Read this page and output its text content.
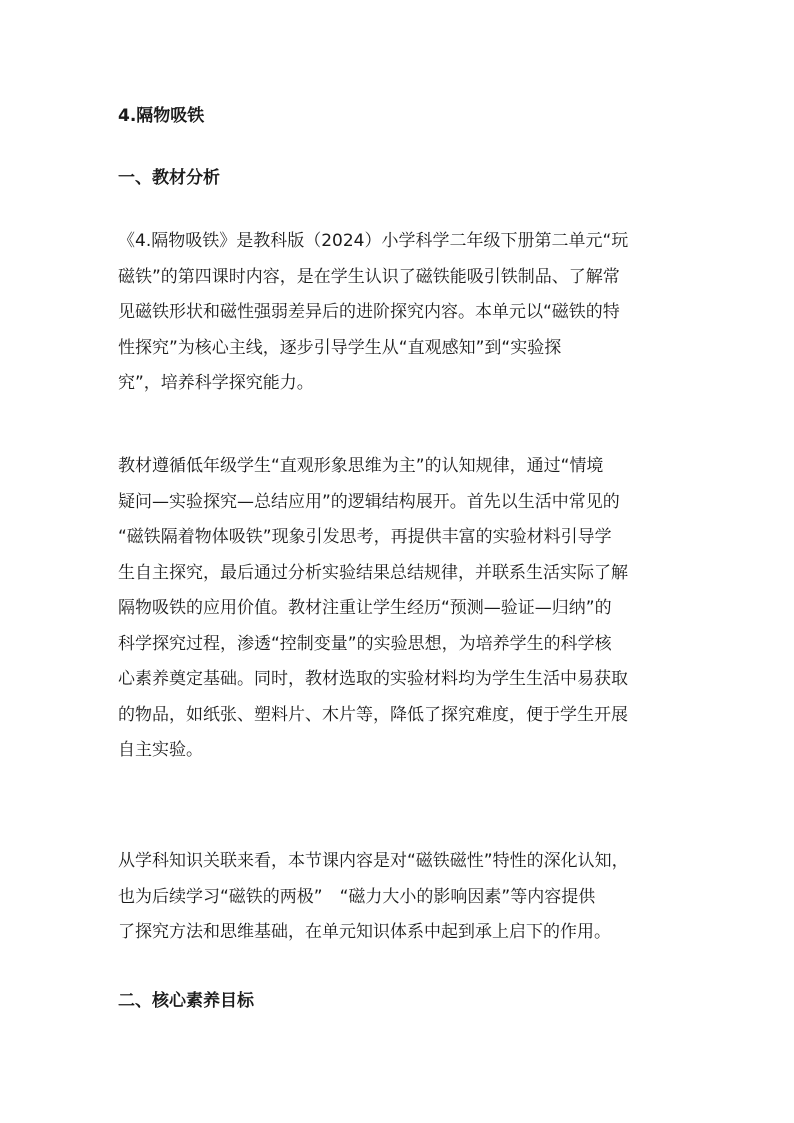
4.隔物吸铁
一、教材分析

《4.隔物吸铁》是教科版（2024）小学科学二年级下册第二单元“玩
磁铁”的第四课时内容，是在学生认识了磁铁能吸引铁制品、了解常
见磁铁形状和磁性强弱差异后的进阶探究内容。本单元以“磁铁的特
性探究”为核心主线，逐步引导学生从“直观感知”到“实验探
究”，培养科学探究能力。

教材遵循低年级学生“直观形象思维为主”的认知规律，通过“情境
疑问—实验探究—总结应用”的逻辑结构展开。首先以生活中常见的
“磁铁隔着物体吸铁”现象引发思考，再提供丰富的实验材料引导学
生自主探究，最后通过分析实验结果总结规律，并联系生活实际了解
隔物吸铁的应用价值。教材注重让学生经历“预测—验证—归纳”的
科学探究过程，渗透“控制变量”的实验思想，为培养学生的科学核
心素养奠定基础。同时，教材选取的实验材料均为学生生活中易获取
的物品，如纸张、塑料片、木片等，降低了探究难度，便于学生开展
自主实验。

从学科知识关联来看，本节课内容是对“磁铁磁性”特性的深化认知，
也为后续学习“磁铁的两极”　“磁力大小的影响因素”等内容提供
了探究方法和思维基础，在单元知识体系中起到承上启下的作用。

二、核心素养目标
